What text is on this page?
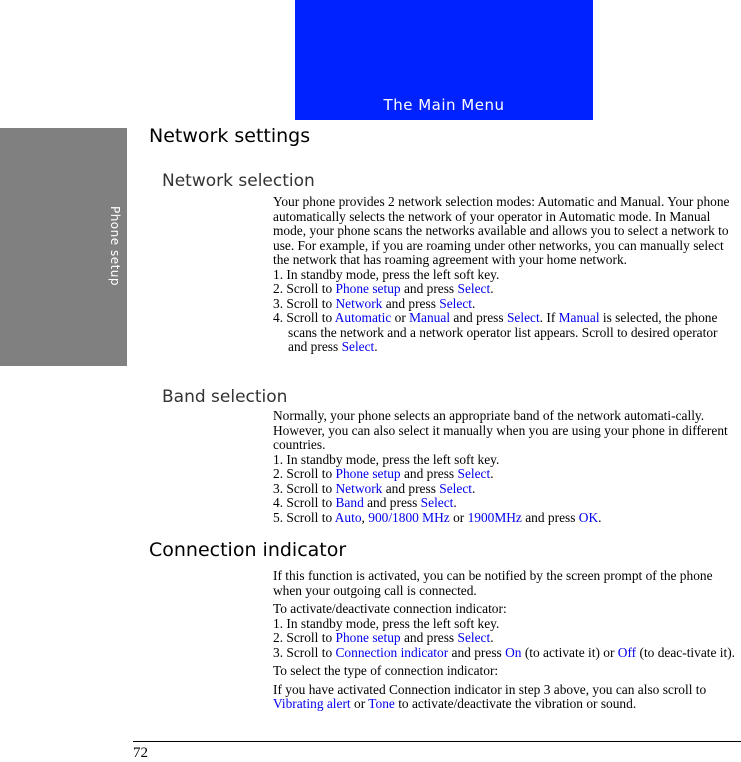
The Main Menu
Phone setup
Network settings
Network selection

Your phone provides 2 network selection modes: Automatic and Manual. Your phone automatically selects the network of your operator in Automatic mode. In Manual mode, your phone scans the networks available and allows you to select a network to use. For example, if you are roaming under other networks, you can manually select the network that has roaming agreement with your home network.

1. In standby mode, press the left soft key.

2. Scroll to Phone setup and press Select.

3. Scroll to Network and press Select.

4. Scroll to Automatic or Manual and press Select. If Manual is selected, the phone scans the network and a network operator list appears. Scroll to desired operator and press Select.

Band selection

Normally, your phone selects an appropriate band of the network automati-cally. However, you can also select it manually when you are using your phone in different countries.

1. In standby mode, press the left soft key.

2. Scroll to Phone setup and press Select.

3. Scroll to Network and press Select.

4. Scroll to Band and press Select.

5. Scroll to Auto, 900/1800 MHz or 1900MHz and press OK.

Connection indicator

If this function is activated, you can be notified by the screen prompt of the phone when your outgoing call is connected.

To activate/deactivate connection indicator:

1. In standby mode, press the left soft key.

2. Scroll to Phone setup and press Select.

3. Scroll to Connection indicator and press On (to activate it) or Off (to deac-tivate it).

To select the type of connection indicator:

If you have activated Connection indicator in step 3 above, you can also scroll to Vibrating alert or Tone to activate/deactivate the vibration or sound.

72
